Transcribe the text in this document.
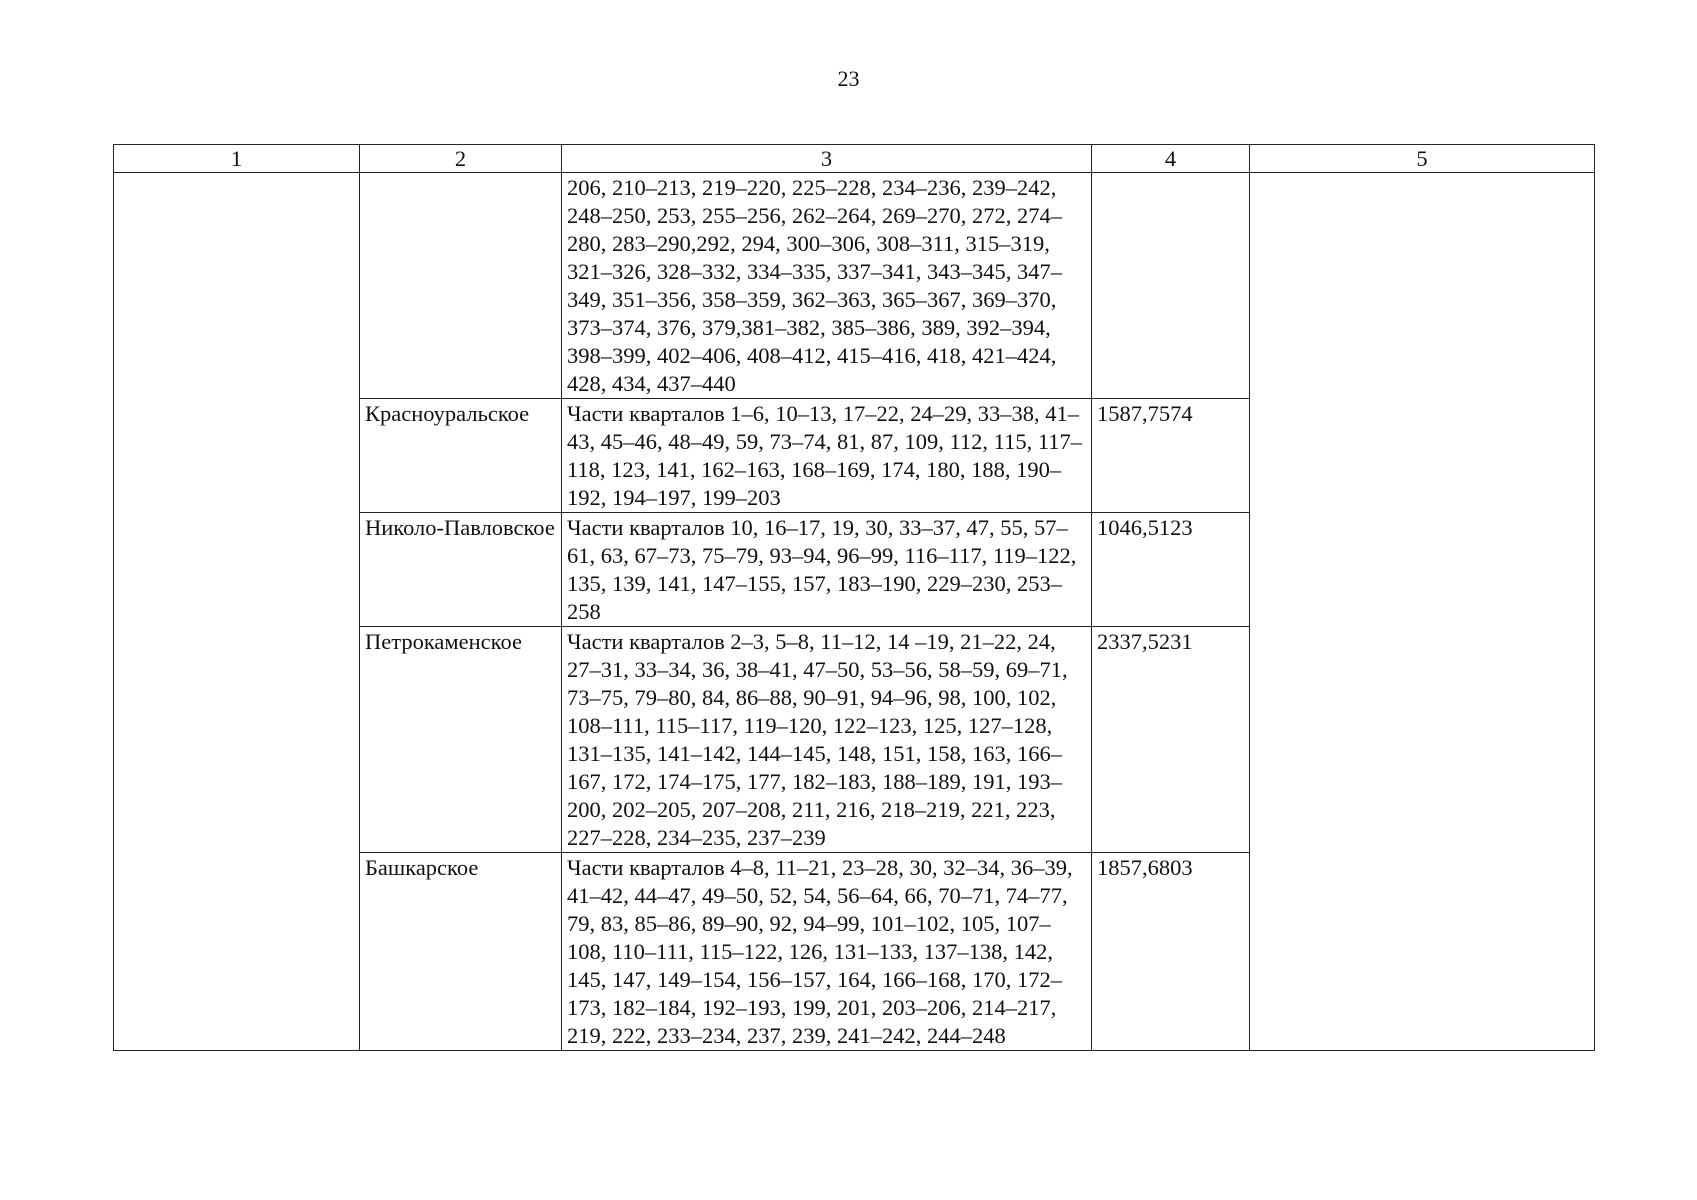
23
1	2	3	4	5
		206, 210–213, 219–220, 225–228, 234–236, 239–242, 248–250, 253, 255–256, 262–264, 269–270, 272, 274–280, 283–290,292, 294, 300–306, 308–311, 315–319, 321–326, 328–332, 334–335, 337–341, 343–345, 347–349, 351–356, 358–359, 362–363, 365–367, 369–370, 373–374, 376, 379,381–382, 385–386, 389, 392–394, 398–399, 402–406, 408–412, 415–416, 418, 421–424, 428, 434, 437–440		
	Красноуральское	Части кварталов 1–6, 10–13, 17–22, 24–29, 33–38, 41–43, 45–46, 48–49, 59, 73–74, 81, 87, 109, 112, 115, 117–118, 123, 141, 162–163, 168–169, 174, 180, 188, 190–192, 194–197, 199–203	1587,7574	
	Николо-Павловское	Части кварталов 10, 16–17, 19, 30, 33–37, 47, 55, 57–61, 63, 67–73, 75–79, 93–94, 96–99, 116–117, 119–122, 135, 139, 141, 147–155, 157, 183–190, 229–230, 253–258	1046,5123	
	Петрокаменское	Части кварталов 2–3, 5–8, 11–12, 14 –19, 21–22, 24, 27–31, 33–34, 36, 38–41, 47–50, 53–56, 58–59, 69–71, 73–75, 79–80, 84, 86–88, 90–91, 94–96, 98, 100, 102, 108–111, 115–117, 119–120, 122–123, 125, 127–128, 131–135, 141–142, 144–145, 148, 151, 158, 163, 166–167, 172, 174–175, 177, 182–183, 188–189, 191, 193–200, 202–205, 207–208, 211, 216, 218–219, 221, 223, 227–228, 234–235, 237–239	2337,5231	
	Башкарское	Части кварталов 4–8, 11–21, 23–28, 30, 32–34, 36–39, 41–42, 44–47, 49–50, 52, 54, 56–64, 66, 70–71, 74–77, 79, 83, 85–86, 89–90, 92, 94–99, 101–102, 105, 107–108, 110–111, 115–122, 126, 131–133, 137–138, 142, 145, 147, 149–154, 156–157, 164, 166–168, 170, 172–173, 182–184, 192–193, 199, 201, 203–206, 214–217, 219, 222, 233–234, 237, 239, 241–242, 244–248	1857,6803	
